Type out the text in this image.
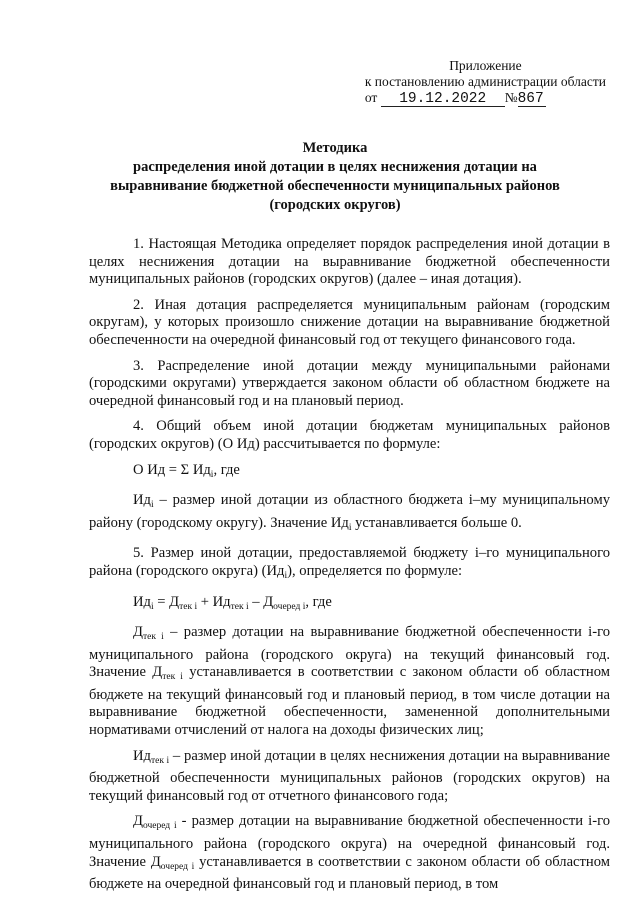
Приложение
к постановлению администрации области
от 19.12.2022 №867
Методика
распределения иной дотации в целях неснижения дотации на
выравнивание бюджетной обеспеченности муниципальных районов
(городских округов)

1. Настоящая Методика определяет порядок распределения иной дотации в целях неснижения дотации на выравнивание бюджетной обеспеченности муниципальных районов (городских округов) (далее – иная дотация).

2. Иная дотация распределяется муниципальным районам (городским округам), у которых произошло снижение дотации на выравнивание бюджетной обеспеченности на очередной финансовый год от текущего финансового года.

3. Распределение иной дотации между муниципальными районами (городскими округами) утверждается законом области об областном бюджете на очередной финансовый год и на плановый период.

4. Общий объем иной дотации бюджетам муниципальных районов (городских округов) (О Ид) рассчитывается по формуле:

О Ид = Σ $Ид_i$, где

$Ид_i$ – размер иной дотации из областного бюджета i–му муниципальному району (городскому округу). Значение $Ид_i$ устанавливается больше 0.

5. Размер иной дотации, предоставляемой бюджету i–го муниципального района (городского округа) $(Ид_i)$, определяется по формуле:

$Ид_i = Д_{тек i} + Ид_{тек i} - Д_{очеред i}$, где

$Д_{тек i}$ – размер дотации на выравнивание бюджетной обеспеченности i-го муниципального района (городского округа) на текущий финансовый год. Значение $Д_{тек i}$ устанавливается в соответствии с законом области об областном бюджете на текущий финансовый год и плановый период, в том числе дотации на выравнивание бюджетной обеспеченности, замененной дополнительными нормативами отчислений от налога на доходы физических лиц;

$Ид_{тек i}$ – размер иной дотации в целях неснижения дотации на выравнивание бюджетной обеспеченности муниципальных районов (городских округов) на текущий финансовый год от отчетного финансового года;

$Д_{очеред i}$ - размер дотации на выравнивание бюджетной обеспеченности i-го муниципального района (городского округа) на очередной финансовый год. Значение $Д_{очеред i}$ устанавливается в соответствии с законом области об областном бюджете на очередной финансовый год и плановый период, в том
